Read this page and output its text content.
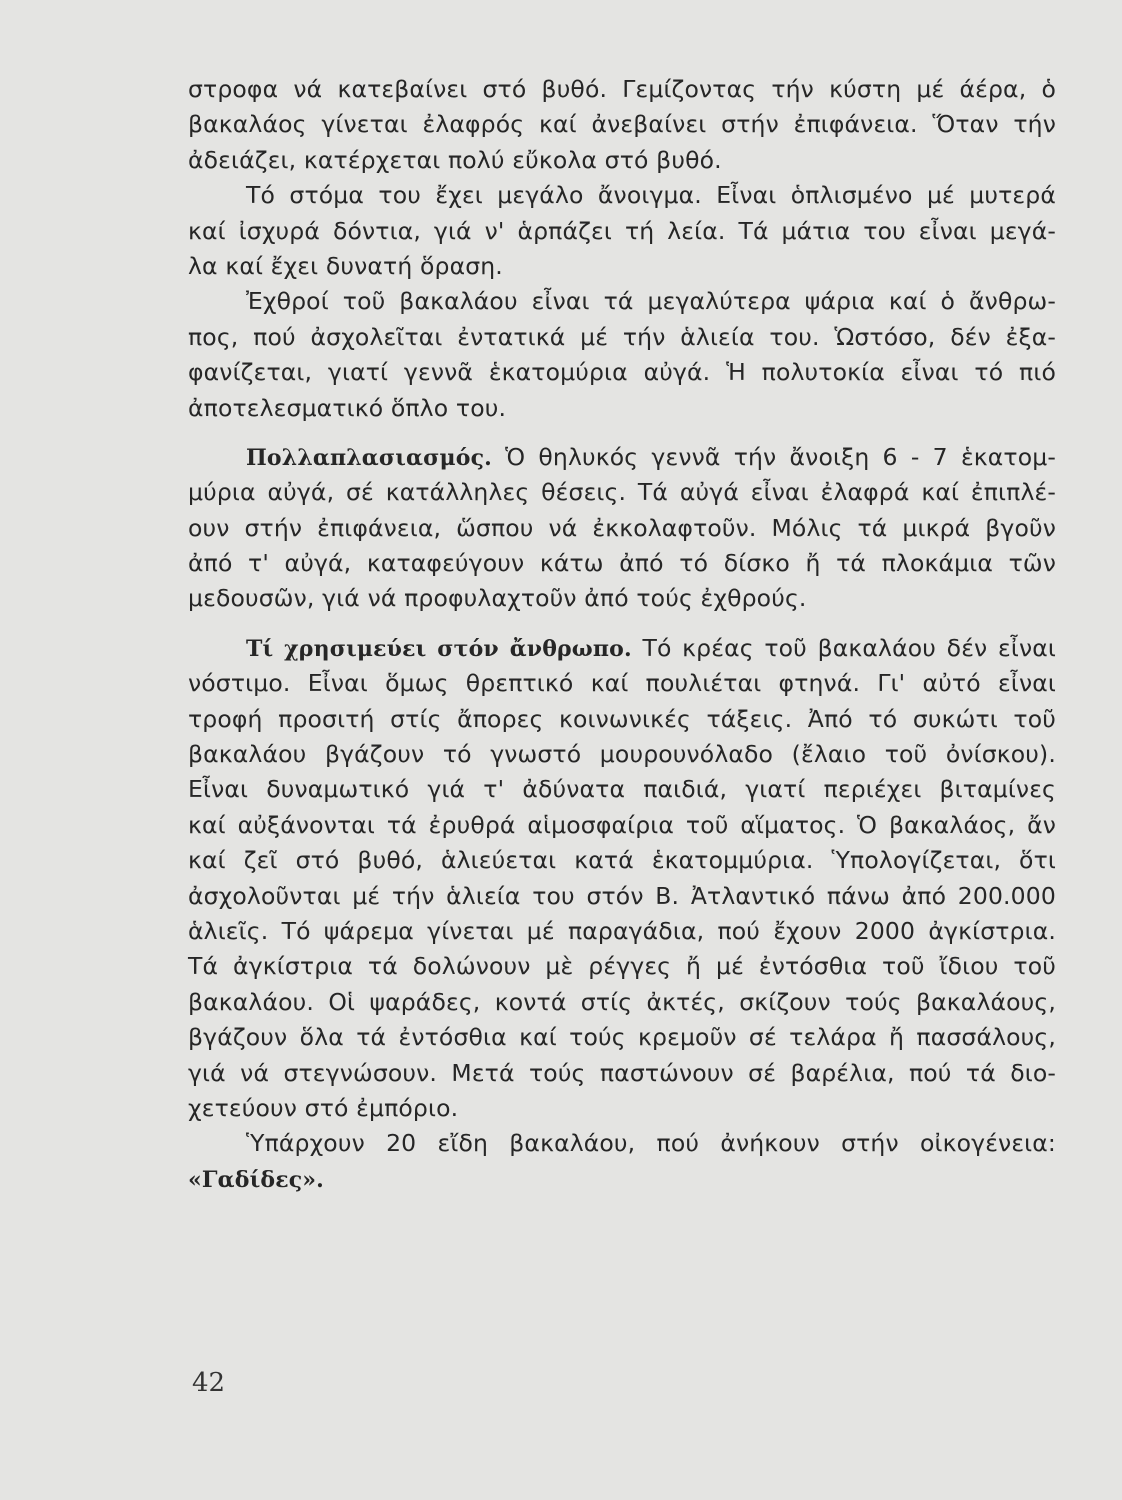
στροφα νά κατεβαίνει στό βυθό. Γεμίζοντας τήν κύστη μέ άέρα, ὁ
βακαλάος γίνεται ἐλαφρός καί ἀνεβαίνει στήν ἐπιφάνεια. Ὅταν τήν
ἀδειάζει, κατέρχεται πολύ εὔκολα στό βυθό.
Τό στόμα του ἔχει μεγάλο ἄνοιγμα. Εἶναι ὁπλισμένο μέ μυτερά
καί ἰσχυρά δόντια, γιά ν' ἁρπάζει τή λεία. Τά μάτια του εἶναι μεγά-
λα καί ἔχει δυνατή ὅραση.
Ἐχθροί τοῦ βακαλάου εἶναι τά μεγαλύτερα ψάρια καί ὁ ἄνθρω-
πος, πού ἀσχολεῖται ἐντατικά μέ τήν ἁλιεία του. Ὡστόσο, δέν ἐξα-
φανίζεται, γιατί γεννᾶ ἑκατομύρια αὐγά. Ἡ πολυτοκία εἶναι τό πιό
ἀποτελεσματικό ὅπλο του.
Πολλαπλασιασμός. Ὁ θηλυκός γεννᾶ τήν ἄνοιξη 6 - 7 ἑκατομ-
μύρια αὐγά, σέ κατάλληλες θέσεις. Τά αὐγά εἶναι ἐλαφρά καί ἐπιπλέ-
ουν στήν ἐπιφάνεια, ὥσπου νά ἐκκολαφτοῦν. Μόλις τά μικρά βγοῦν
ἀπό τ' αὐγά, καταφεύγουν κάτω ἀπό τό δίσκο ἤ τά πλοκάμια τῶν
μεδουσῶν, γιά νά προφυλαχτοῦν ἀπό τούς ἐχθρούς.
Τί χρησιμεύει στόν ἄνθρωπο. Τό κρέας τοῦ βακαλάου δέν εἶναι
νόστιμο. Εἶναι ὅμως θρεπτικό καί πουλιέται φτηνά. Γι' αὐτό εἶναι
τροφή προσιτή στίς ἄπορες κοινωνικές τάξεις. Ἀπό τό συκώτι τοῦ
βακαλάου βγάζουν τό γνωστό μουρουνόλαδο (ἔλαιο τοῦ ὀνίσκου).
Εἶναι δυναμωτικό γιά τ' ἀδύνατα παιδιά, γιατί περιέχει βιταμίνες
καί αὐξάνονται τά ἐρυθρά αἱμοσφαίρια τοῦ αἵματος. Ὁ βακαλάος, ἄν
καί ζεῖ στό βυθό, ἁλιεύεται κατά ἑκατομμύρια. Ὑπολογίζεται, ὅτι
ἀσχολοῦνται μέ τήν ἁλιεία του στόν Β. Ἀτλαντικό πάνω ἀπό 200.000
ἁλιεῖς. Τό ψάρεμα γίνεται μέ παραγάδια, πού ἔχουν 2000 ἀγκίστρια.
Τά ἀγκίστρια τά δολώνουν μὲ ρέγγες ἤ μέ ἐντόσθια τοῦ ἴδιου τοῦ
βακαλάου. Οἱ ψαράδες, κοντά στίς ἀκτές, σκίζουν τούς βακαλάους,
βγάζουν ὅλα τά ἐντόσθια καί τούς κρεμοῦν σέ τελάρα ἤ πασσάλους,
γιά νά στεγνώσουν. Μετά τούς παστώνουν σέ βαρέλια, πού τά διο-
χετεύουν στό ἐμπόριο.
Ὑπάρχουν 20 εἴδη βακαλάου, πού ἀνήκουν στήν οἰκογένεια:
«Γαδίδες».
42
